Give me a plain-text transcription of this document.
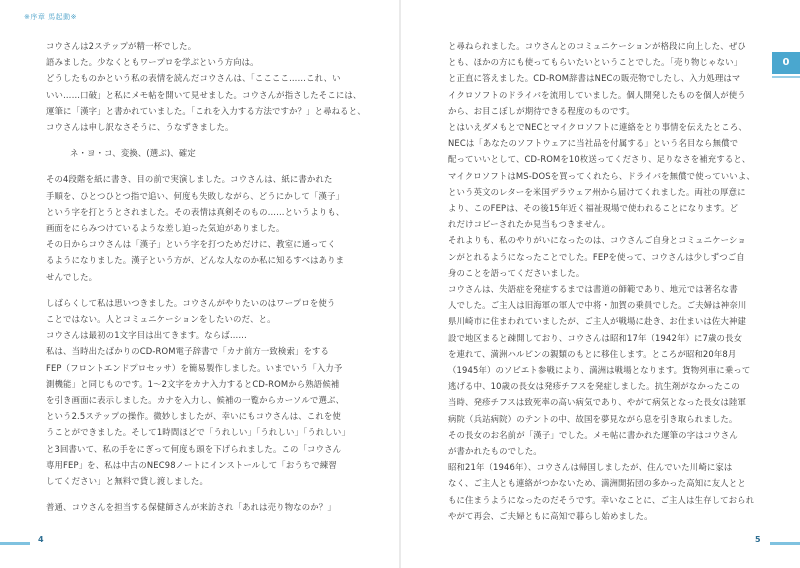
※序章 馬起動※

コウさんは2ステップが精一杯でした。

語みました。少なくともワープロを学ぶという方向は。

どうしたものかという私の表情を読んだコウさんは、「ここここ……これ、い

いい……口破」と私にメモ帖を開いて見せました。コウさんが指さしたそこには、

運筆に「漢字」と書かれていました。「これを入力する方法ですか？」と尋ねると、

コウさんは申し訳なさそうに、うなずきました。

ネ・ヨ・コ、変換、(選ぶ)、確定

その4段階を紙に書き、目の前で実演しました。コウさんは、紙に書かれた

手順を、ひとつひとつ指で追い、何度も失敗しながら、どうにかして「漢子」

という字を打とうとされました。その表情は真剣そのもの……というよりも、

画面をにらみつけているような差し迫った気迫がありました。

その日からコウさんは「漢子」という字を打つためだけに、教室に通ってく

るようになりました。漢子という方が、どんな人なのか私に知るすべはありま

せんでした。

しばらくして私は思いつきました。コウさんがやりたいのはワープロを使う

ことではない。人とコミュニケーションをしたいのだ、と。

コウさんは最初の1文字目は出てきます。ならば……

私は、当時出たばかりのCD-ROM電子辞書で「カナ前方一致検索」をする

FEP（フロントエンドプロセッサ）を簡易製作しました。いまでいう「入力予

測機能」と同じものです。1〜2文字をカナ入力するとCD-ROMから熟語候補

を引き画面に表示しました。カナを入力し、候補の一覧からカーソルで選ぶ、

という2.5ステップの操作。微妙しましたが、幸いにもコウさんは、これを使

うことができました。そして1時間ほどで「うれしい」「うれしい」「うれしい」

と3回書いて、私の手をにぎって何度も頭を下げられました。この「コウさん

専用FEP」を、私は中古のNEC98ノートにインストールして「おうちで練習

してください」と無料で貸し渡しました。

普通、コウさんを担当する保健師さんが来訪され「あれは売り物なのか？」

4

と尋ねられました。コウさんとのコミュニケーションが格段に向上した、ぜひ

とも、ほかの方にも使ってもらいたいということでした。「売り物じゃない」

と正直に答えました。CD-ROM辞書はNECの販売物でしたし、入力処理はマ

イクロソフトのドライバを流用していました。個人開発したものを個人が使う

から、お目こぼしが期待できる程度のものです。

とはいえダメもとでNECとマイクロソフトに連絡をとり事情を伝えたところ、

NECは「あなたのソフトウェアに当社品を付属する」という名目なら無償で

配っていいとして、CD-ROMを10枚送ってくださり、足りなさを補充すると、

マイクロソフトはMS-DOSを買ってくれたら、ドライバを無償で使っていいよ、

という英文のレターを米国デラウェア州から届けてくれました。両社の厚意に

より、このFEPは、その後15年近く福祉現場で使われることになります。ど

れだけコピーされたか見当もつきません。

それよりも、私のやりがいになったのは、コウさんご自身とコミュニケーショ

ンがとれるようになったことでした。FEPを使って、コウさんは少しずつご自

身のことを語ってくださいました。

コウさんは、失語症を発症するまでは書道の師範であり、地元では著名な書

人でした。ご主人は旧海軍の軍人で中将・加賀の乗員でした。ご夫婦は神奈川

県川崎市に住まわれていましたが、ご主人が戦場に赴き、お仕まいは佐大神建

設で地区まると疎開しており、コウさんは昭和17年（1942年）に7歳の長女

を連れて、満洲ハルピンの親類のもとに移住します。ところが昭和20年8月

（1945年）のソビエト参戦により、満洲は戦場となります。貨物列車に乗って

逃げる中、10歳の長女は発疹チフスを発症しました。抗生剤がなかったこの

当時、発疹チフスは致死率の高い病気であり、やがて病気となった長女は陸軍

病院（兵站病院）のテントの中、故国を夢見ながら息を引き取られました。

その長女のお名前が「漢子」でした。メモ帖に書かれた運筆の字はコウさん

が書かれたものでした。

昭和21年（1946年）、コウさんは帰国しましたが、住んでいた川崎に家は

なく、ご主人とも連絡がつかないため、満洲開拓団の多かった高知に友人とと

もに住まうようになったのだそうです。幸いなことに、ご主人は生存しておられ

やがて再会、ご夫婦ともに高知で暮らし始めました。

0
5
